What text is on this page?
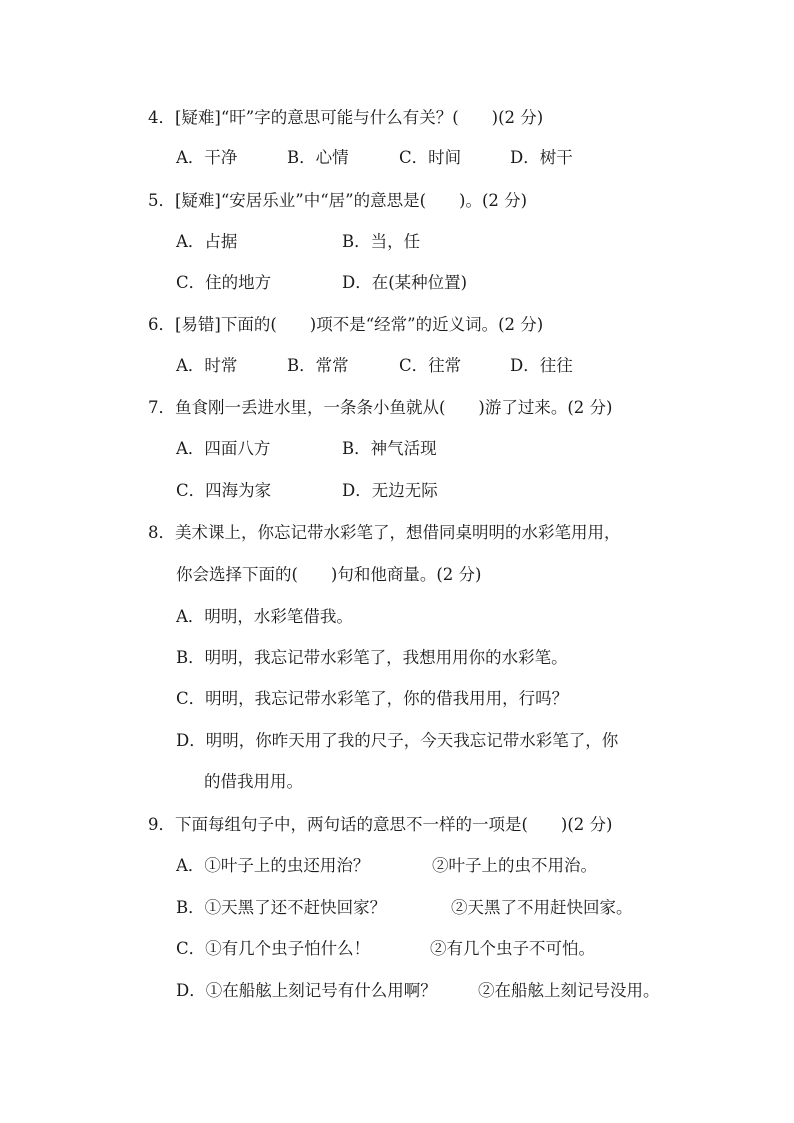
4．[疑难]“旰”字的意思可能与什么有关？(　　)(2 分)
A．干净	B．心情	C．时间	D．树干
5．[疑难]“安居乐业”中“居”的意思是(　　)。(2 分)
A．占据	B．当，任
C．住的地方	D．在(某种位置)
6．[易错]下面的(　　)项不是“经常”的近义词。(2 分)
A．时常	B．常常	C．往常	D．往往
7．鱼食刚一丢进水里，一条条小鱼就从(　　)游了过来。(2 分)
A．四面八方	B．神气活现
C．四海为家	D．无边无际
8．美术课上，你忘记带水彩笔了，想借同桌明明的水彩笔用用，
你会选择下面的(　　)句和他商量。(2 分)
A．明明，水彩笔借我。
B．明明，我忘记带水彩笔了，我想用用你的水彩笔。
C．明明，我忘记带水彩笔了，你的借我用用，行吗？
D．明明，你昨天用了我的尺子，今天我忘记带水彩笔了，你
的借我用用。
9．下面每组句子中，两句话的意思不一样的一项是(　　)(2 分)
A．①叶子上的虫还用治？	②叶子上的虫不用治。
B．①天黑了还不赶快回家？	②天黑了不用赶快回家。
C．①有几个虫子怕什么！	②有几个虫子不可怕。
D．①在船舷上刻记号有什么用啊？	②在船舷上刻记号没用。
